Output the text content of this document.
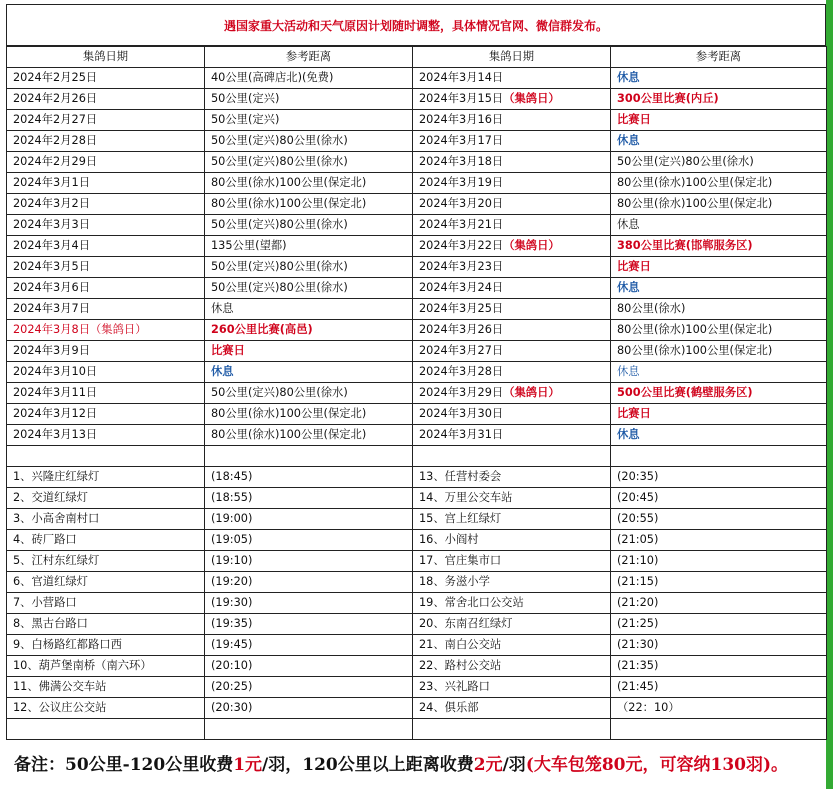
遇国家重大活动和天气原因计划随时调整，具体情况官网、微信群发布。
集鸽日期	参考距离	集鸽日期	参考距离
2024年2月25日	40公里(高碑店北)(免费)	2024年3月14日	休息
2024年2月26日	50公里(定兴)	2024年3月15日（集鸽日）	300公里比赛(内丘)
2024年2月27日	50公里(定兴)	2024年3月16日	比赛日
2024年2月28日	50公里(定兴)80公里(徐水)	2024年3月17日	休息
2024年2月29日	50公里(定兴)80公里(徐水)	2024年3月18日	50公里(定兴)80公里(徐水)
2024年3月1日	80公里(徐水)100公里(保定北)	2024年3月19日	80公里(徐水)100公里(保定北)
2024年3月2日	80公里(徐水)100公里(保定北)	2024年3月20日	80公里(徐水)100公里(保定北)
2024年3月3日	50公里(定兴)80公里(徐水)	2024年3月21日	休息
2024年3月4日	135公里(望都)	2024年3月22日（集鸽日）	380公里比赛(邯郸服务区)
2024年3月5日	50公里(定兴)80公里(徐水)	2024年3月23日	比赛日
2024年3月6日	50公里(定兴)80公里(徐水)	2024年3月24日	休息
2024年3月7日	休息	2024年3月25日	80公里(徐水)
2024年3月8日（集鸽日）	260公里比赛(高邑)	2024年3月26日	80公里(徐水)100公里(保定北)
2024年3月9日	比赛日	2024年3月27日	80公里(徐水)100公里(保定北)
2024年3月10日	休息	2024年3月28日	休息
2024年3月11日	50公里(定兴)80公里(徐水)	2024年3月29日（集鸽日）	500公里比赛(鹤壁服务区)
2024年3月12日	80公里(徐水)100公里(保定北)	2024年3月30日	比赛日
2024年3月13日	80公里(徐水)100公里(保定北)	2024年3月31日	休息

1、兴隆庄红绿灯	(18:45)	13、任营村委会	(20:35)
2、交道红绿灯	(18:55)	14、万里公交车站	(20:45)
3、小高舍南村口	(19:00)	15、宫上红绿灯	(20:55)
4、砖厂路口	(19:05)	16、小阎村	(21:05)
5、江村东红绿灯	(19:10)	17、官庄集市口	(21:10)
6、官道红绿灯	(19:20)	18、务滋小学	(21:15)
7、小营路口	(19:30)	19、常舍北口公交站	(21:20)
8、黑古台路口	(19:35)	20、东南召红绿灯	(21:25)
9、白杨路红都路口西	(19:45)	21、南白公交站	(21:30)
10、葫芦堡南桥（南六环）	(20:10)	22、路村公交站	(21:35)
11、佛满公交车站	(20:25)	23、兴礼路口	(21:45)
12、公议庄公交站	(20:30)	24、俱乐部	（22：10）

备注：50公里-120公里收费1元/羽，120公里以上距离收费2元/羽(大车包笼80元，可容纳130羽)。
